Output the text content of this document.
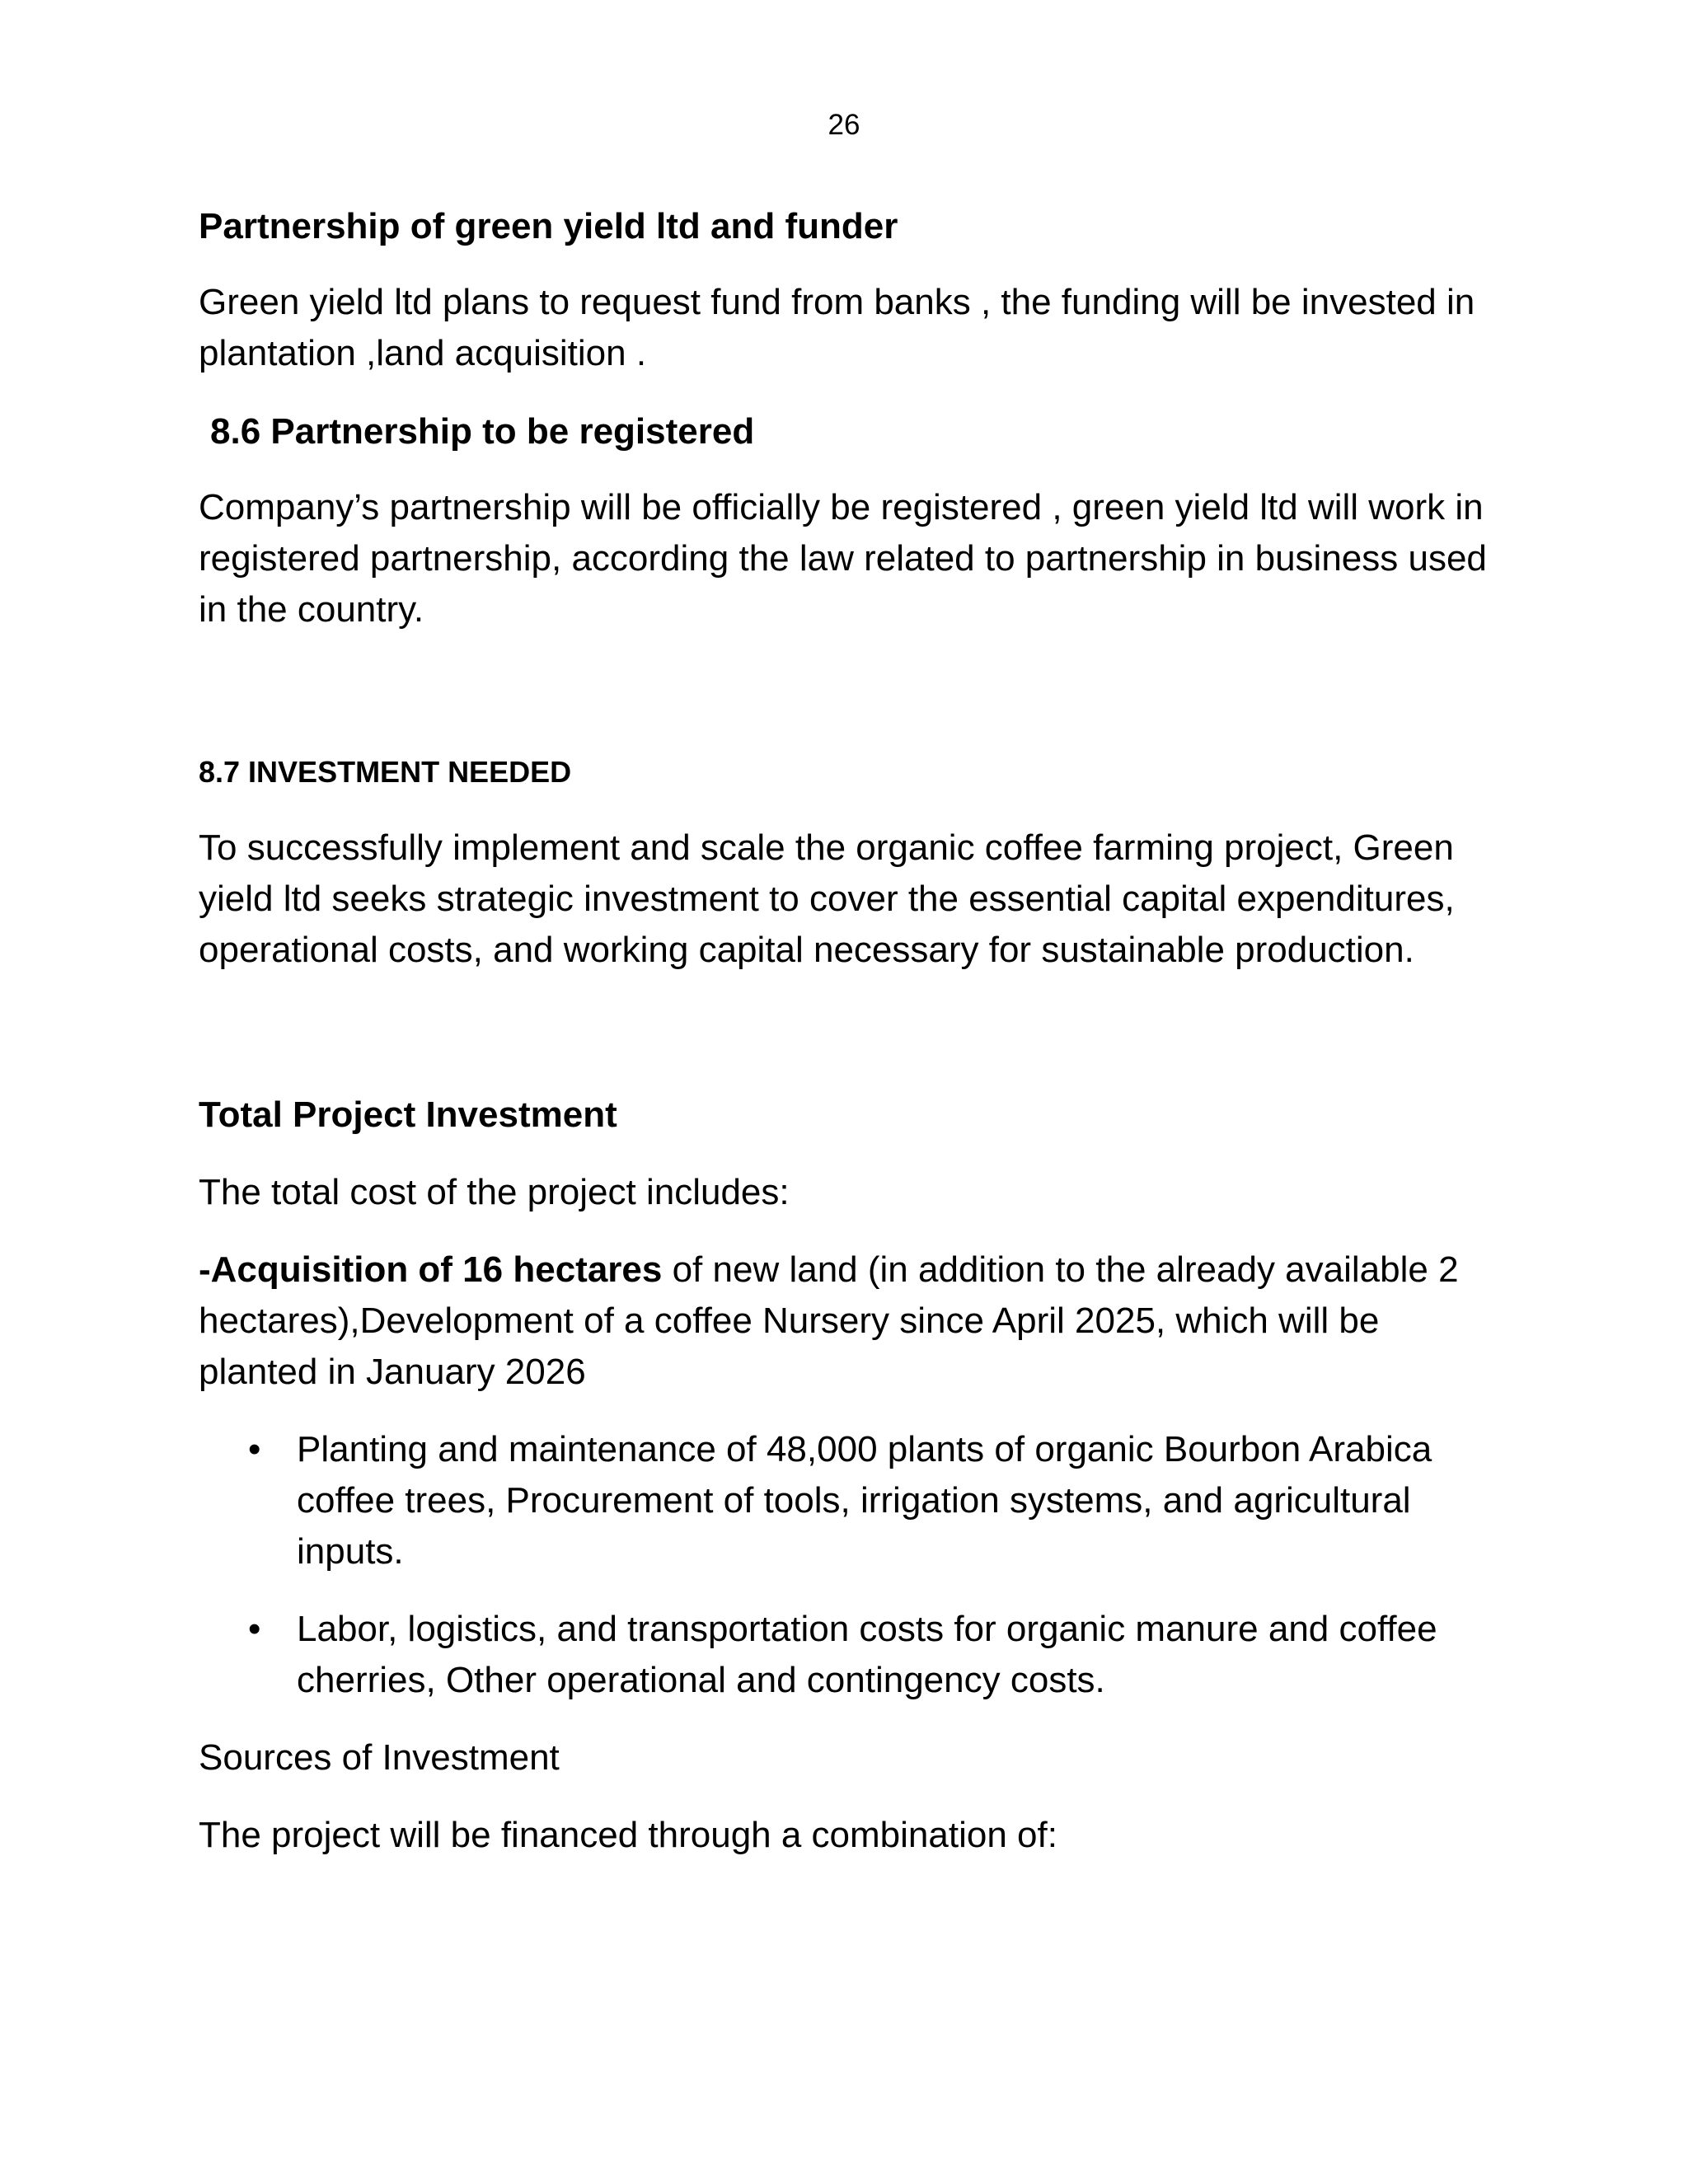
26
Partnership of green yield ltd and funder

Green yield ltd plans to request fund from banks , the funding will be invested in plantation ,land acquisition .

8.6 Partnership to be registered

Company’s partnership will be officially be registered , green yield ltd will work in registered partnership, according the law related to partnership in business used in the country.

8.7 INVESTMENT NEEDED

To successfully implement and scale the organic coffee farming project, Green yield ltd seeks strategic investment to cover the essential capital expenditures, operational costs, and working capital necessary for sustainable production.

Total Project Investment

The total cost of the project includes:

-Acquisition of 16 hectares of new land (in addition to the already available 2 hectares),Development of a coffee Nursery since April 2025, which will be planted in January 2026

• Planting and maintenance of 48,000 plants of organic Bourbon Arabica coffee trees, Procurement of tools, irrigation systems, and agricultural inputs.
• Labor, logistics, and transportation costs for organic manure and coffee cherries, Other operational and contingency costs.

Sources of Investment

The project will be financed through a combination of:
